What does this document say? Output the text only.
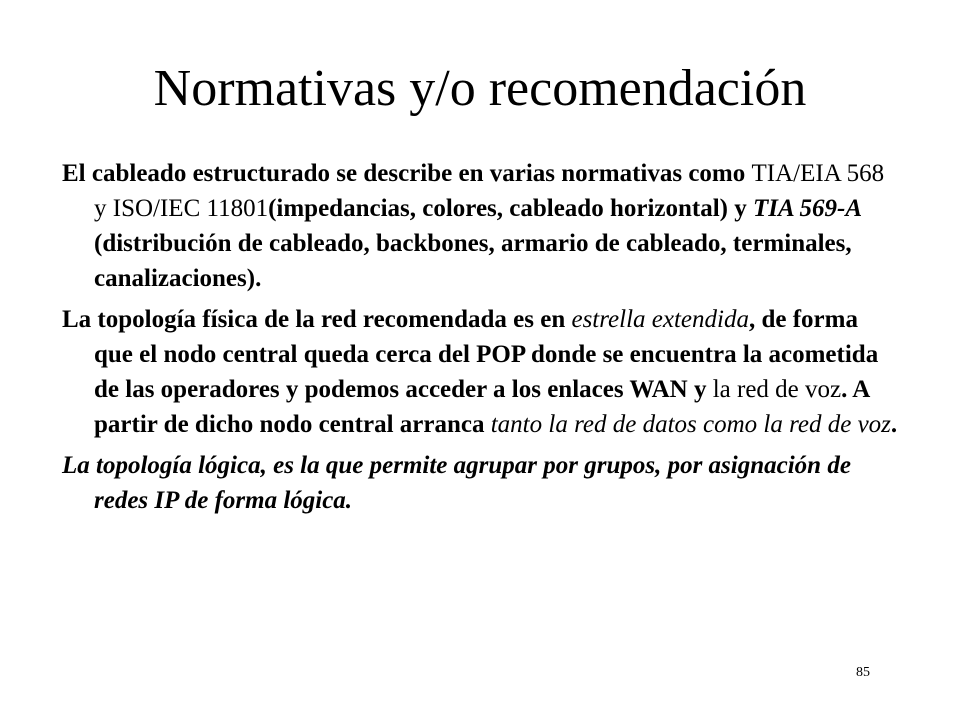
Normativas y/o recomendación

El cableado estructurado se describe en varias normativas como TIA/EIA 568 y ISO/IEC 11801(impedancias, colores, cableado horizontal) y TIA 569-A (distribución de cableado, backbones, armario de cableado, terminales, canalizaciones).

La topología física de la red recomendada es en estrella extendida, de forma que el nodo central queda cerca del POP donde se encuentra la acometida de las operadores y podemos acceder a los enlaces WAN y la red de voz. A partir de dicho nodo central arranca tanto la red de datos como la red de voz.

La topología lógica, es la que permite agrupar por grupos, por asignación de redes IP de forma lógica.

85
